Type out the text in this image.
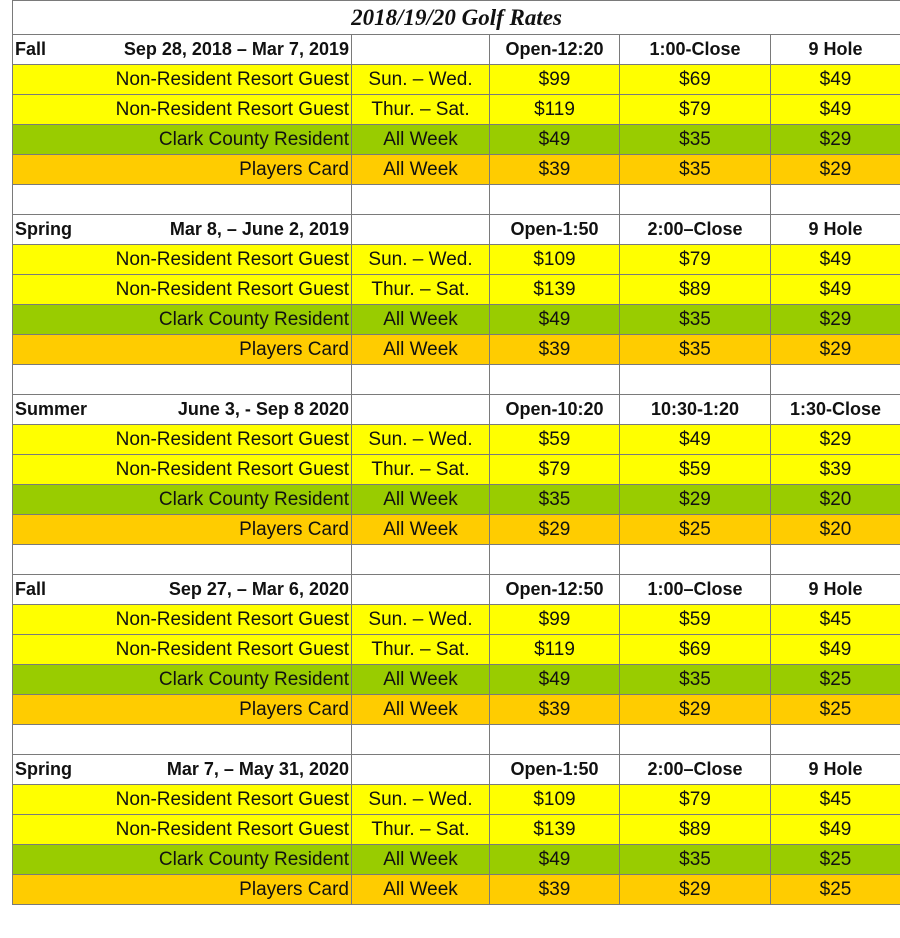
2018/19/20 Golf Rates				

Fall Sep 28, 2018 – Mar 7, 2019		Open-12:20	1:00-Close	9 Hole
Non-Resident Resort Guest	Sun. – Wed.	$99	$69	$49
Non-Resident Resort Guest	Thur. – Sat.	$119	$79	$49
Clark County Resident	All Week	$49	$35	$29
Players Card	All Week	$39	$35	$29

Spring Mar 8, – June 2, 2019		Open-1:50	2:00–Close	9 Hole
Non-Resident Resort Guest	Sun. – Wed.	$109	$79	$49
Non-Resident Resort Guest	Thur. – Sat.	$139	$89	$49
Clark County Resident	All Week	$49	$35	$29
Players Card	All Week	$39	$35	$29

Summer June 3, - Sep 8 2020		Open-10:20	10:30-1:20	1:30-Close
Non-Resident Resort Guest	Sun. – Wed.	$59	$49	$29
Non-Resident Resort Guest	Thur. – Sat.	$79	$59	$39
Clark County Resident	All Week	$35	$29	$20
Players Card	All Week	$29	$25	$20

Fall Sep 27, – Mar 6, 2020		Open-12:50	1:00–Close	9 Hole
Non-Resident Resort Guest	Sun. – Wed.	$99	$59	$45
Non-Resident Resort Guest	Thur. – Sat.	$119	$69	$49
Clark County Resident	All Week	$49	$35	$25
Players Card	All Week	$39	$29	$25

Spring Mar 7, – May 31, 2020		Open-1:50	2:00–Close	9 Hole
Non-Resident Resort Guest	Sun. – Wed.	$109	$79	$45
Non-Resident Resort Guest	Thur. – Sat.	$139	$89	$49
Clark County Resident	All Week	$49	$35	$25
Players Card	All Week	$39	$29	$25
